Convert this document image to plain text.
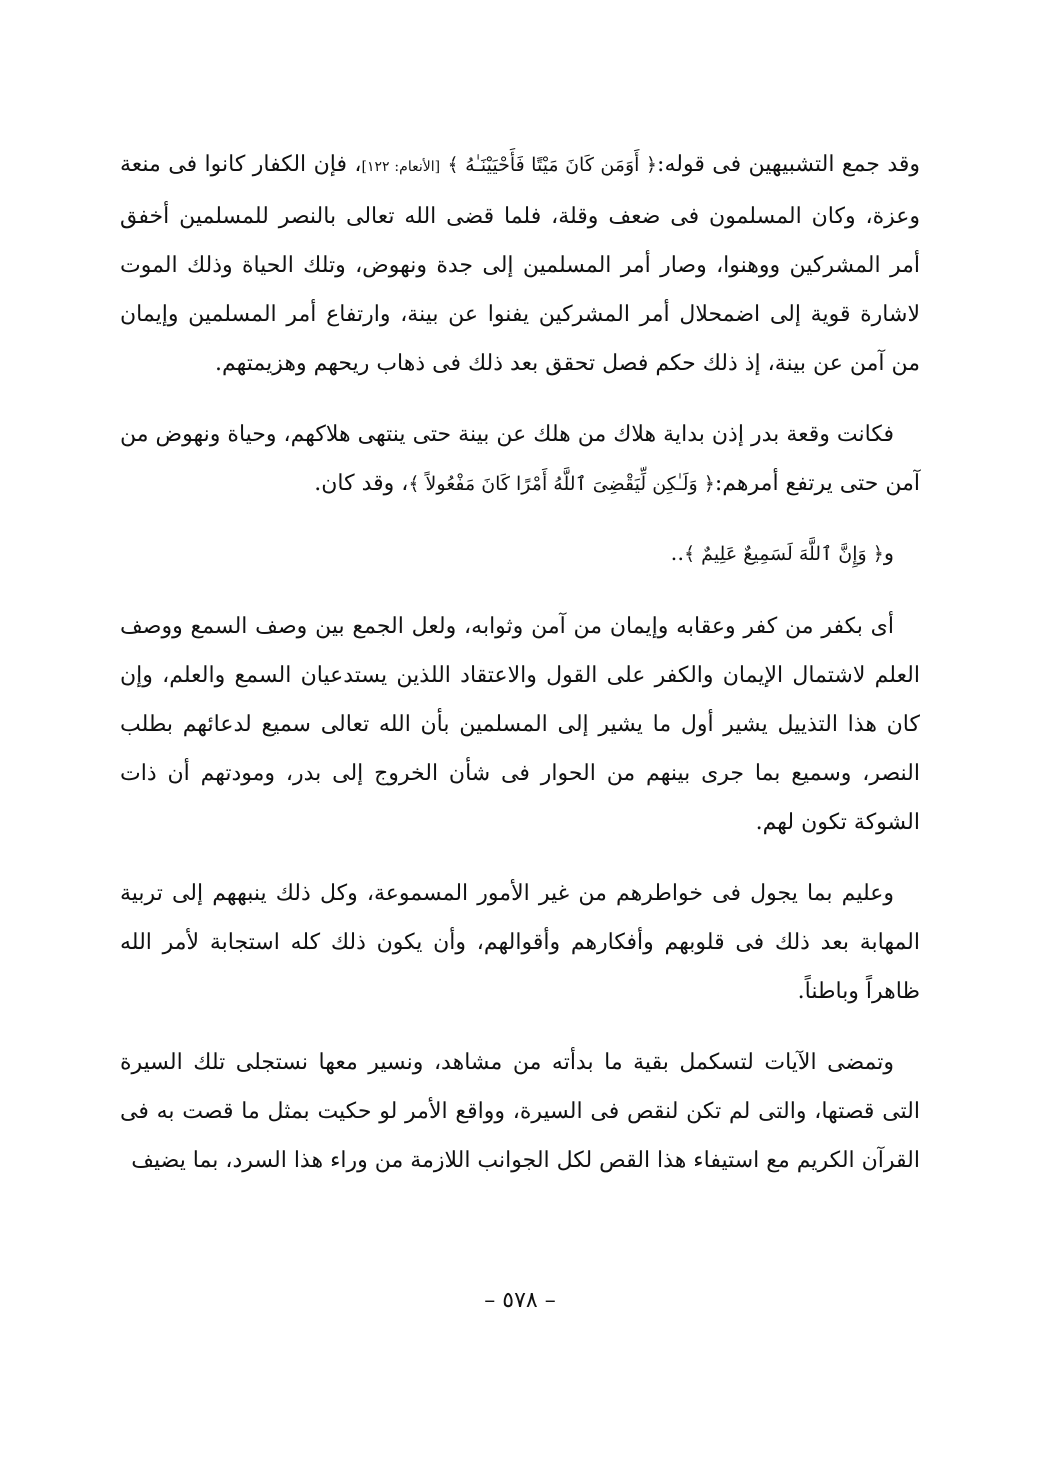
وقد جمع التشبيهين فى قوله:﴿ أَوَمَن كَانَ مَيْتًا فَأَحْيَيْنَـٰهُ ﴾ [الأنعام: ١٢٢]، فإن الكفار كانوا فى منعة وعزة، وكان المسلمون فى ضعف وقلة، فلما قضى الله تعالى بالنصر للمسلمين أخفق أمر المشركين ووهنوا، وصار أمر المسلمين إلى جدة ونهوض، وتلك الحياة وذلك الموت لاشارة قوية إلى اضمحلال أمر المشركين يفنوا عن بينة، وارتفاع أمر المسلمين وإيمان من آمن عن بينة، إذ ذلك حكم فصل تحقق بعد ذلك فى ذهاب ريحهم وهزيمتهم.

فكانت وقعة بدر إذن بداية هلاك من هلك عن بينة حتى ينتهى هلاكهم، وحياة ونهوض من آمن حتى يرتفع أمرهم:﴿ وَلَـٰكِن لِّيَقْضِىَ ٱللَّهُ أَمْرًا كَانَ مَفْعُولاً ﴾، وقد كان.

و﴿ وَإِنَّ ٱللَّهَ لَسَمِيعٌ عَلِيمٌ ﴾..

أى بكفر من كفر وعقابه وإيمان من آمن وثوابه، ولعل الجمع بين وصف السمع ووصف العلم لاشتمال الإيمان والكفر على القول والاعتقاد اللذين يستدعيان السمع والعلم، وإن كان هذا التذييل يشير أول ما يشير إلى المسلمين بأن الله تعالى سميع لدعائهم بطلب النصر، وسميع بما جرى بينهم من الحوار فى شأن الخروج إلى بدر، ومودتهم أن ذات الشوكة تكون لهم.

وعليم بما يجول فى خواطرهم من غير الأمور المسموعة، وكل ذلك ينبههم إلى تربية المهابة بعد ذلك فى قلوبهم وأفكارهم وأقوالهم، وأن يكون ذلك كله استجابة لأمر الله ظاهراً وباطناً.

وتمضى الآيات لتسكمل بقية ما بدأته من مشاهد، ونسير معها نستجلى تلك السيرة التى قصتها، والتى لم تكن لنقص فى السيرة، وواقع الأمر لو حكيت بمثل ما قصت به فى القرآن الكريم مع استيفاء هذا القص لكل الجوانب اللازمة من وراء هذا السرد، بما يضيف

– ٥٧٨ –
